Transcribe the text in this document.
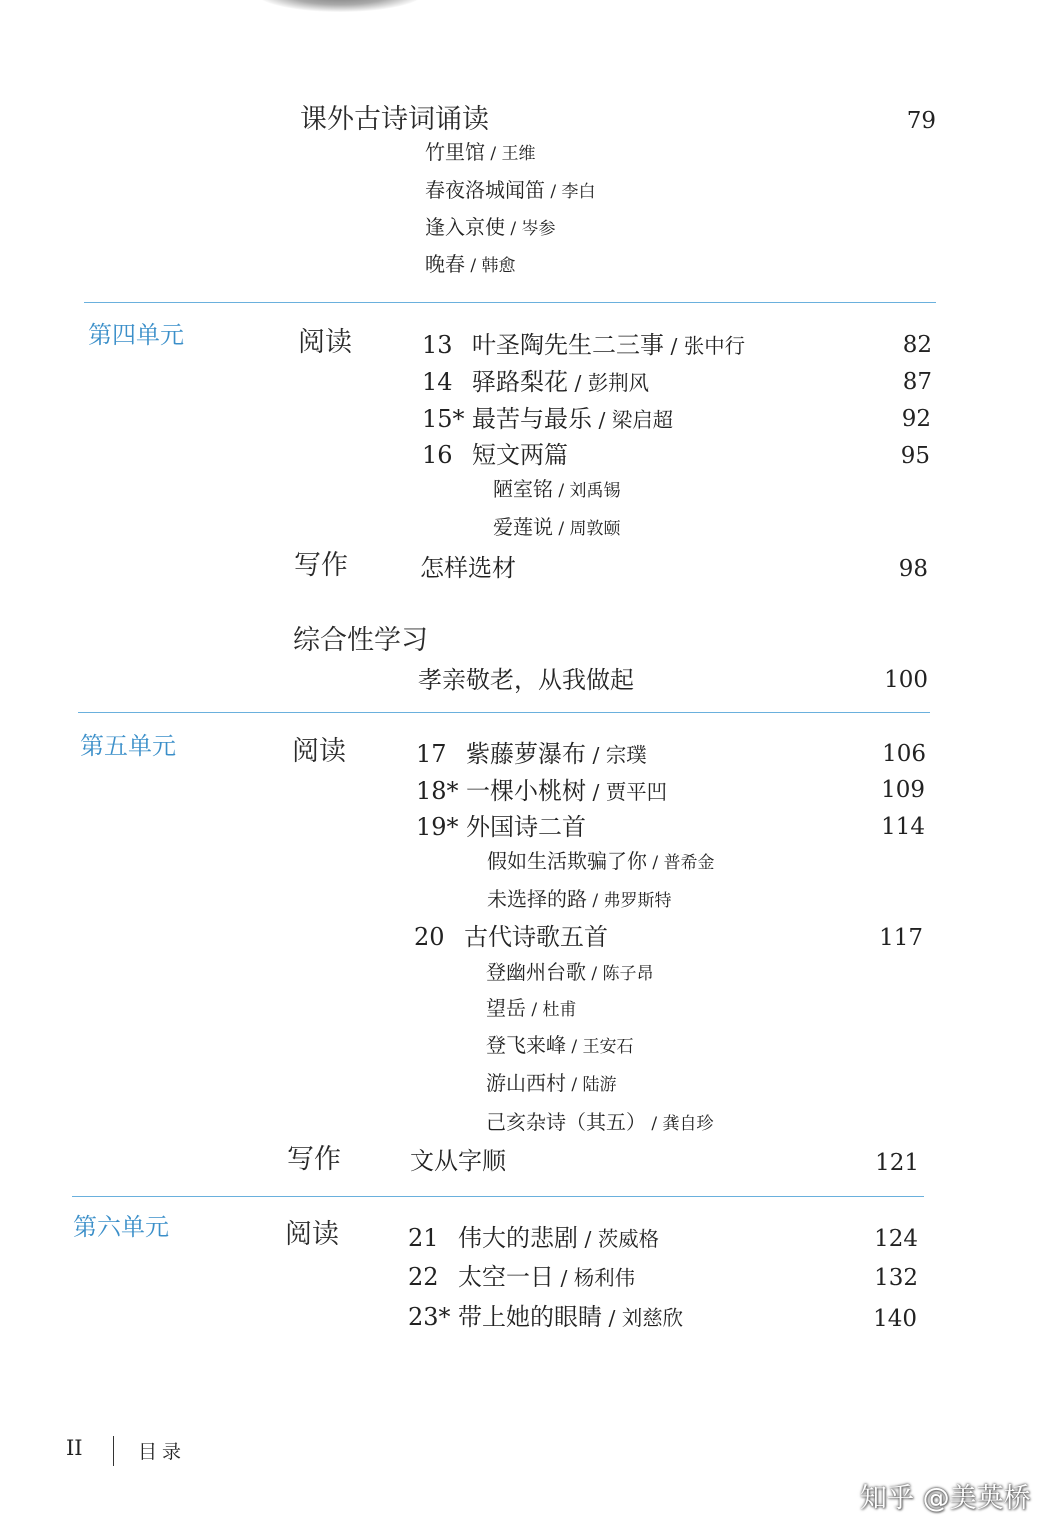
课外古诗词诵读	79
竹里馆 / 王维
春夜洛城闻笛 / 李白
逢入京使 / 岑参
晚春 / 韩愈
第四单元	阅读	13 叶圣陶先生二三事 / 张中行	82
14 驿路梨花 / 彭荆风	87
15* 最苦与最乐 / 梁启超	92
16 短文两篇	95
陋室铭 / 刘禹锡
爱莲说 / 周敦颐
写作	怎样选材	98
综合性学习
孝亲敬老，从我做起	100
第五单元	阅读	17 紫藤萝瀑布 / 宗璞	106
18* 一棵小桃树 / 贾平凹	109
19* 外国诗二首	114
假如生活欺骗了你 / 普希金
未选择的路 / 弗罗斯特
20 古代诗歌五首	117
登幽州台歌 / 陈子昂
望岳 / 杜甫
登飞来峰 / 王安石
游山西村 / 陆游
己亥杂诗（其五） / 龚自珍
写作	文从字顺	121
第六单元	阅读	21 伟大的悲剧 / 茨威格	124
22 太空一日 / 杨利伟	132
23* 带上她的眼睛 / 刘慈欣	140
II	目录
知乎 @美英桥
